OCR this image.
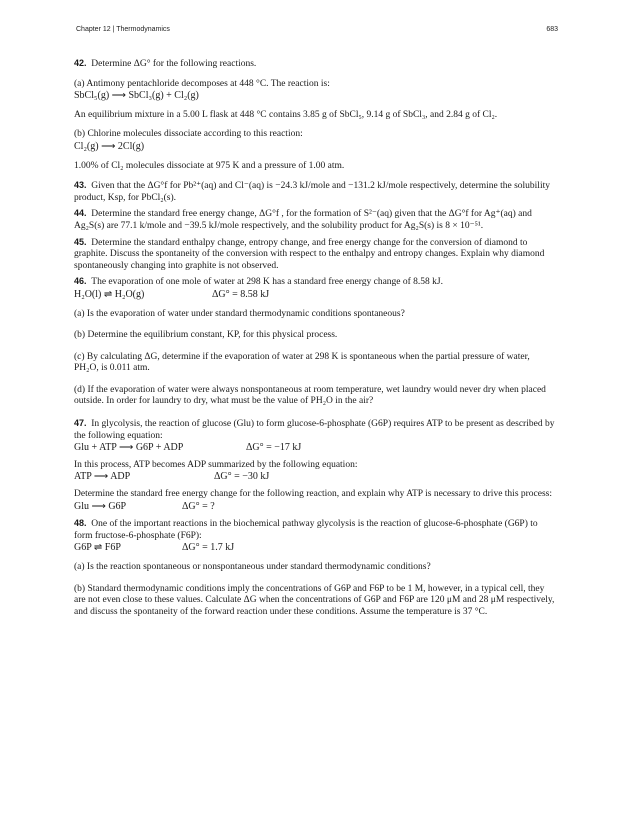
Chapter 12 | Thermodynamics	683

42. Determine ΔG° for the following reactions.

(a) Antimony pentachloride decomposes at 448 °C. The reaction is:

SbCl₅(g) ⟶ SbCl₃(g) + Cl₂(g)

An equilibrium mixture in a 5.00 L flask at 448 °C contains 3.85 g of SbCl₅, 9.14 g of SbCl₃, and 2.84 g of Cl₂.

(b) Chlorine molecules dissociate according to this reaction:

Cl₂(g) ⟶ 2Cl(g)

1.00% of Cl₂ molecules dissociate at 975 K and a pressure of 1.00 atm.

43. Given that the ΔG°f for Pb²⁺(aq) and Cl⁻(aq) is −24.3 kJ/mole and −131.2 kJ/mole respectively, determine the solubility product, Ksp, for PbCl₂(s).

44. Determine the standard free energy change, ΔG°f , for the formation of S²⁻(aq) given that the ΔG°f for Ag⁺(aq) and Ag₂S(s) are 77.1 k/mole and −39.5 kJ/mole respectively, and the solubility product for Ag₂S(s) is 8 × 10⁻⁵¹.

45. Determine the standard enthalpy change, entropy change, and free energy change for the conversion of diamond to graphite. Discuss the spontaneity of the conversion with respect to the enthalpy and entropy changes. Explain why diamond spontaneously changing into graphite is not observed.

46. The evaporation of one mole of water at 298 K has a standard free energy change of 8.58 kJ.

H₂O(l) ⇌ H₂O(g)	ΔG° = 8.58 kJ

(a) Is the evaporation of water under standard thermodynamic conditions spontaneous?

(b) Determine the equilibrium constant, KP, for this physical process.

(c) By calculating ΔG, determine if the evaporation of water at 298 K is spontaneous when the partial pressure of water, PH₂O, is 0.011 atm.

(d) If the evaporation of water were always nonspontaneous at room temperature, wet laundry would never dry when placed outside. In order for laundry to dry, what must be the value of PH₂O in the air?

47. In glycolysis, the reaction of glucose (Glu) to form glucose-6-phosphate (G6P) requires ATP to be present as described by the following equation:

Glu + ATP ⟶ G6P + ADP	ΔG° = −17 kJ

In this process, ATP becomes ADP summarized by the following equation:

ATP ⟶ ADP	ΔG° = −30 kJ

Determine the standard free energy change for the following reaction, and explain why ATP is necessary to drive this process:

Glu ⟶ G6P	ΔG° = ?

48. One of the important reactions in the biochemical pathway glycolysis is the reaction of glucose-6-phosphate (G6P) to form fructose-6-phosphate (F6P):

G6P ⇌ F6P	ΔG° = 1.7 kJ

(a) Is the reaction spontaneous or nonspontaneous under standard thermodynamic conditions?

(b) Standard thermodynamic conditions imply the concentrations of G6P and F6P to be 1 M, however, in a typical cell, they are not even close to these values. Calculate ΔG when the concentrations of G6P and F6P are 120 μM and 28 μM respectively, and discuss the spontaneity of the forward reaction under these conditions. Assume the temperature is 37 °C.
